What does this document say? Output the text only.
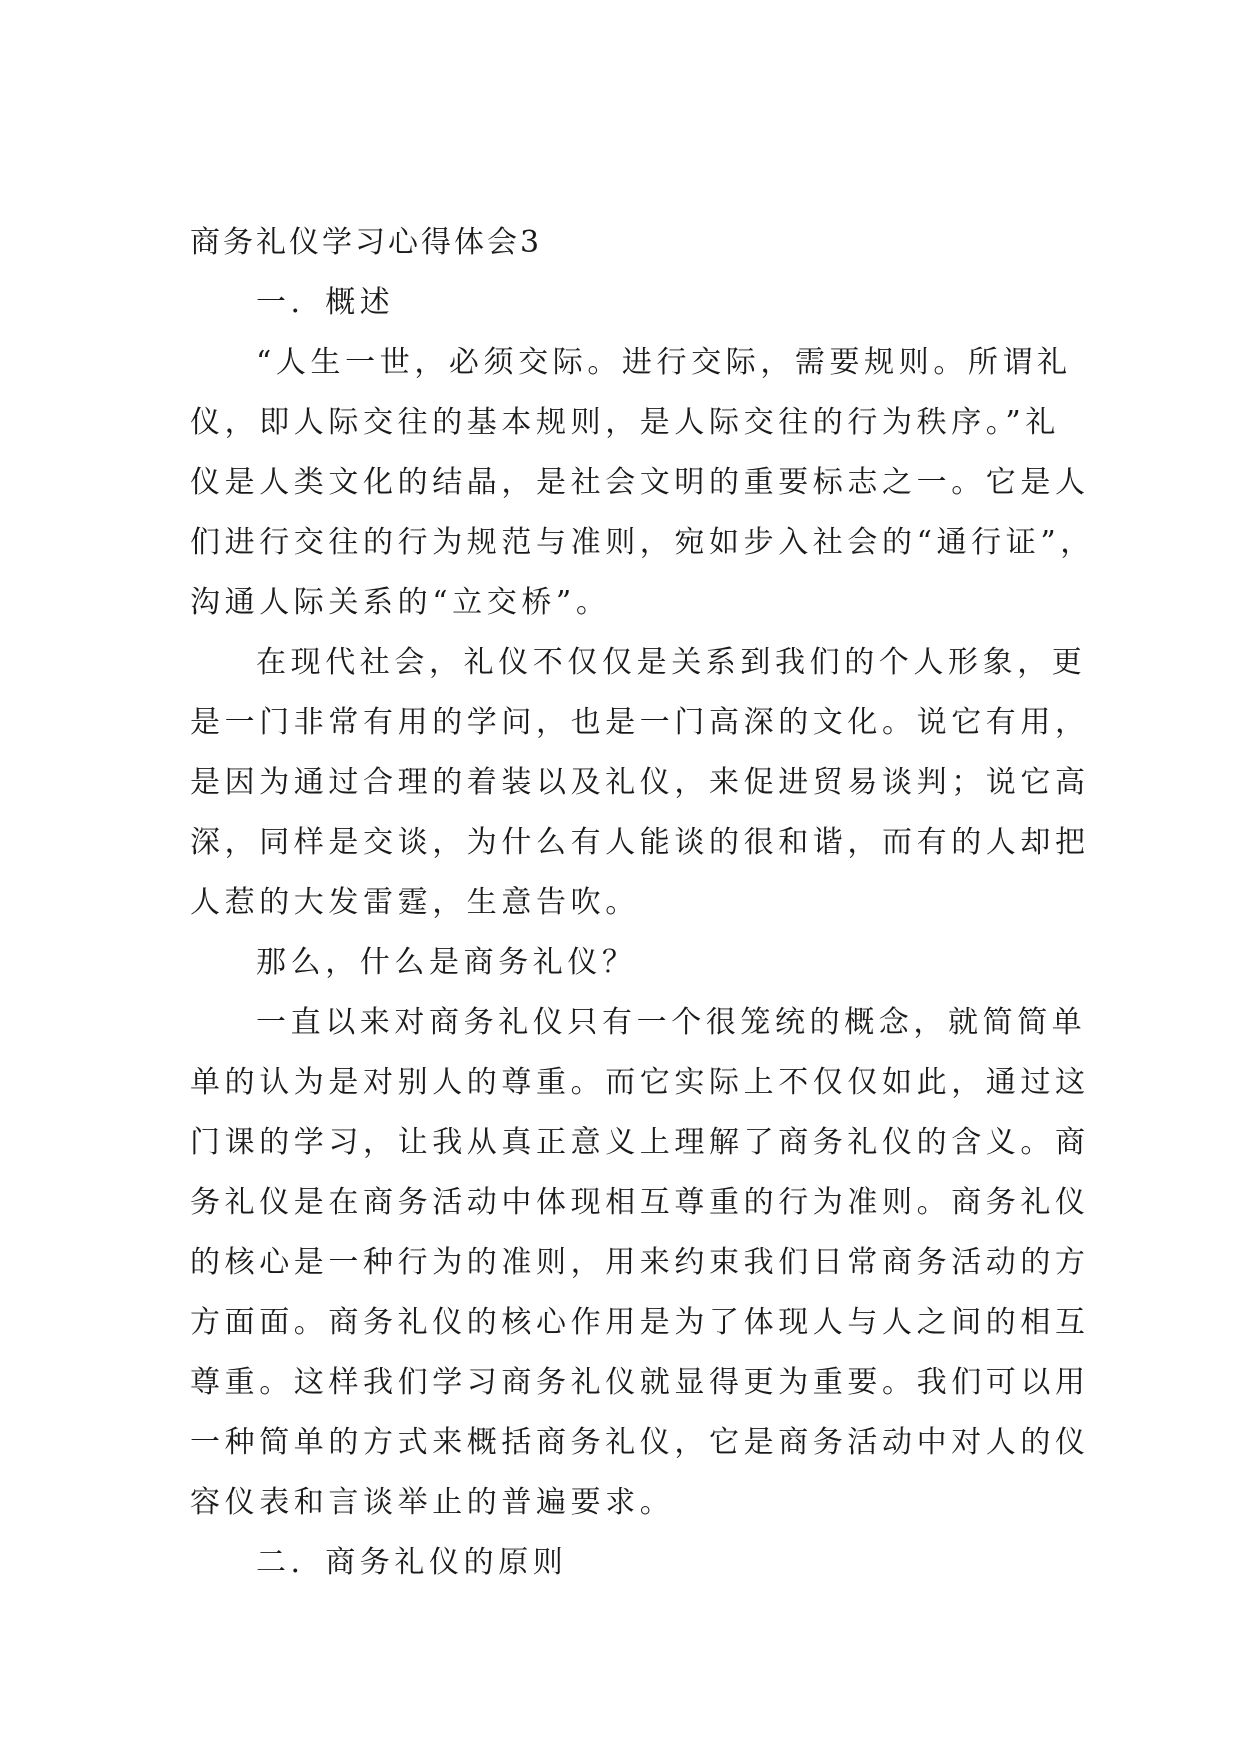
商务礼仪学习心得体会3
一．概述
“人生一世，必须交际。进行交际，需要规则。所谓礼
仪，即人际交往的基本规则，是人际交往的行为秩序。”礼
仪是人类文化的结晶，是社会文明的重要标志之一。它是人
们进行交往的行为规范与准则，宛如步入社会的“通行证”，
沟通人际关系的“立交桥”。
在现代社会，礼仪不仅仅是关系到我们的个人形象，更
是一门非常有用的学问，也是一门高深的文化。说它有用，
是因为通过合理的着装以及礼仪，来促进贸易谈判；说它高
深，同样是交谈，为什么有人能谈的很和谐，而有的人却把
人惹的大发雷霆，生意告吹。
那么，什么是商务礼仪？
一直以来对商务礼仪只有一个很笼统的概念，就简简单
单的认为是对别人的尊重。而它实际上不仅仅如此，通过这
门课的学习，让我从真正意义上理解了商务礼仪的含义。商
务礼仪是在商务活动中体现相互尊重的行为准则。商务礼仪
的核心是一种行为的准则，用来约束我们日常商务活动的方
方面面。商务礼仪的核心作用是为了体现人与人之间的相互
尊重。这样我们学习商务礼仪就显得更为重要。我们可以用
一种简单的方式来概括商务礼仪，它是商务活动中对人的仪
容仪表和言谈举止的普遍要求。
二．商务礼仪的原则
